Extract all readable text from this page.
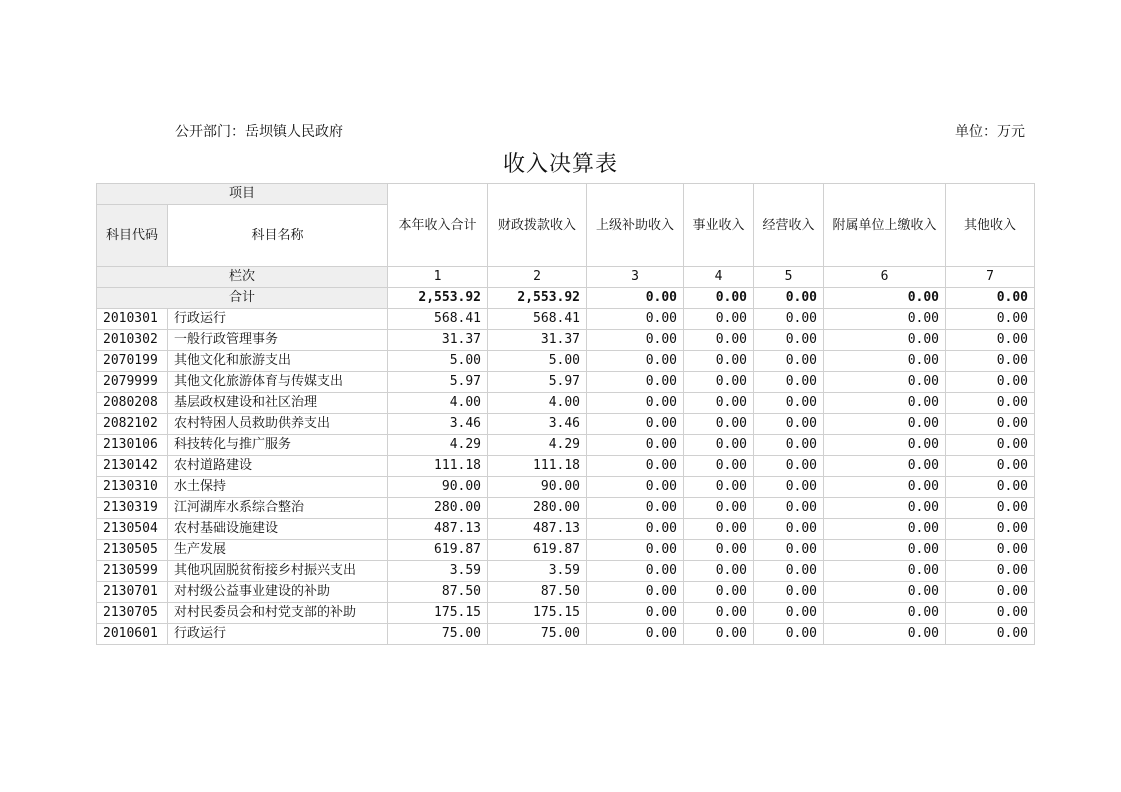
公开部门：岳坝镇人民政府	单位：万元
收入决算表
项目		本年收入合计	财政拨款收入	上级补助收入	事业收入	经营收入	附属单位上缴收入	其他收入
科目代码	科目名称							

栏次		1	2	3	4	5	6	7
合计		2,553.92	2,553.92	0.00	0.00	0.00	0.00	0.00
2010301	行政运行	568.41	568.41	0.00	0.00	0.00	0.00	0.00
2010302	一般行政管理事务	31.37	31.37	0.00	0.00	0.00	0.00	0.00
2070199	其他文化和旅游支出	5.00	5.00	0.00	0.00	0.00	0.00	0.00
2079999	其他文化旅游体育与传媒支出	5.97	5.97	0.00	0.00	0.00	0.00	0.00
2080208	基层政权建设和社区治理	4.00	4.00	0.00	0.00	0.00	0.00	0.00
2082102	农村特困人员救助供养支出	3.46	3.46	0.00	0.00	0.00	0.00	0.00
2130106	科技转化与推广服务	4.29	4.29	0.00	0.00	0.00	0.00	0.00
2130142	农村道路建设	111.18	111.18	0.00	0.00	0.00	0.00	0.00
2130310	水土保持	90.00	90.00	0.00	0.00	0.00	0.00	0.00
2130319	江河湖库水系综合整治	280.00	280.00	0.00	0.00	0.00	0.00	0.00
2130504	农村基础设施建设	487.13	487.13	0.00	0.00	0.00	0.00	0.00
2130505	生产发展	619.87	619.87	0.00	0.00	0.00	0.00	0.00
2130599	其他巩固脱贫衔接乡村振兴支出	3.59	3.59	0.00	0.00	0.00	0.00	0.00
2130701	对村级公益事业建设的补助	87.50	87.50	0.00	0.00	0.00	0.00	0.00
2130705	对村民委员会和村党支部的补助	175.15	175.15	0.00	0.00	0.00	0.00	0.00
2010601	行政运行	75.00	75.00	0.00	0.00	0.00	0.00	0.00
